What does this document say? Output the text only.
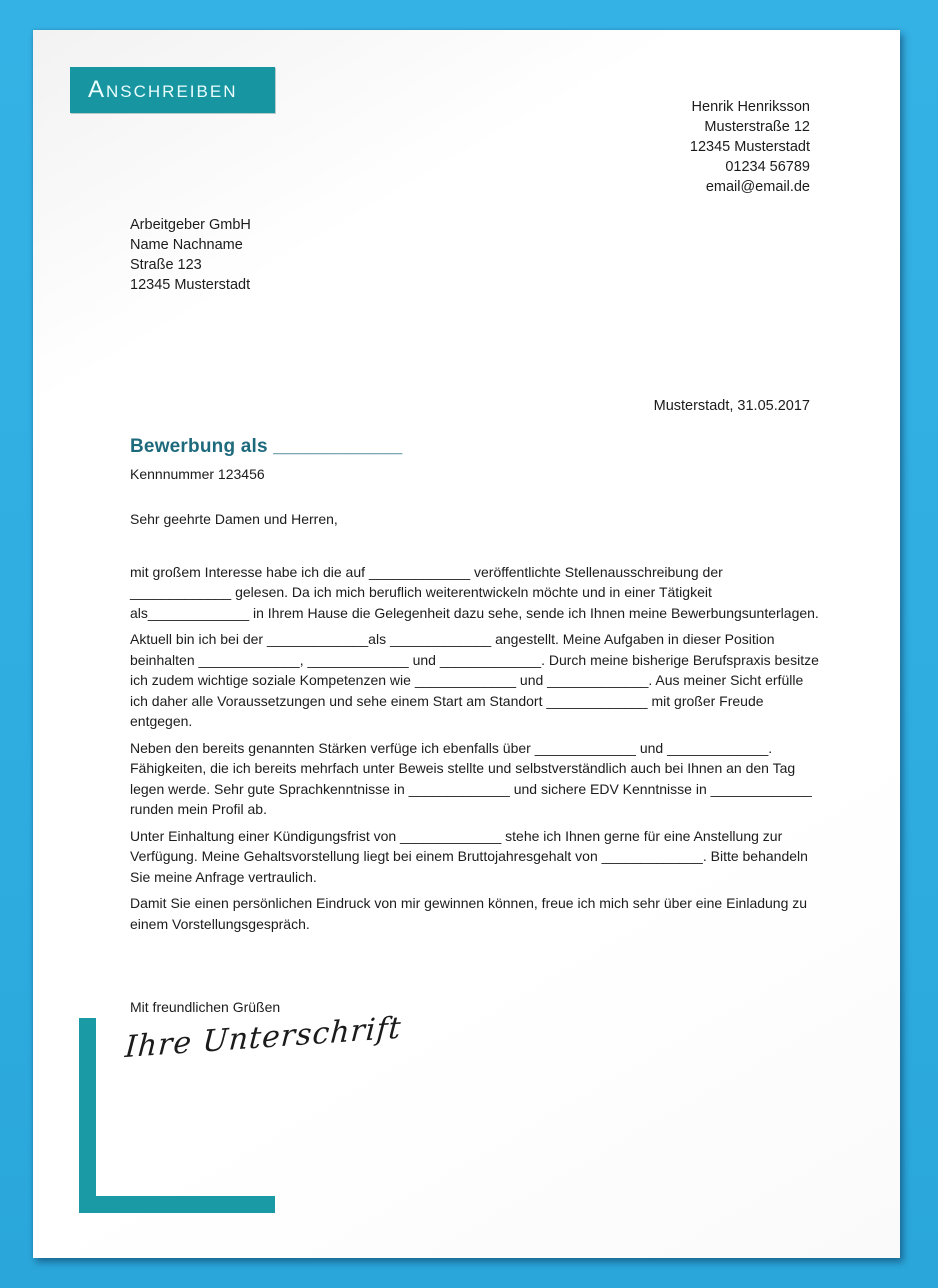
Anschreiben
Henrik Henriksson
Musterstraße 12
12345 Musterstadt
01234 56789
email@email.de
Arbeitgeber GmbH
Name Nachname
Straße 123
12345 Musterstadt
Musterstadt, 31.05.2017
Bewerbung als ____________
Kennnummer 123456

Sehr geehrte Damen und Herren,

mit großem Interesse habe ich die auf _____________ veröffentlichte Stellenausschreibung der _____________ gelesen. Da ich mich beruflich weiterentwickeln möchte und in einer Tätigkeit als_____________ in Ihrem Hause die Gelegenheit dazu sehe, sende ich Ihnen meine Bewerbungsunterlagen.

Aktuell bin ich bei der _____________als _____________ angestellt. Meine Aufgaben in dieser Position beinhalten _____________, _____________ und _____________. Durch meine bisherige Berufspraxis besitze ich zudem wichtige soziale Kompetenzen wie _____________ und _____________. Aus meiner Sicht erfülle ich daher alle Voraussetzungen und sehe einem Start am Standort _____________ mit großer Freude entgegen.

Neben den bereits genannten Stärken verfüge ich ebenfalls über _____________ und _____________. Fähigkeiten, die ich bereits mehrfach unter Beweis stellte und selbstverständlich auch bei Ihnen an den Tag legen werde. Sehr gute Sprachkenntnisse in _____________ und sichere EDV Kenntnisse in _____________ runden mein Profil ab.

Unter Einhaltung einer Kündigungsfrist von _____________ stehe ich Ihnen gerne für eine Anstellung zur Verfügung. Meine Gehaltsvorstellung liegt bei einem Bruttojahresgehalt von _____________. Bitte behandeln Sie meine Anfrage vertraulich.

Damit Sie einen persönlichen Eindruck von mir gewinnen können, freue ich mich sehr über eine Einladung zu einem Vorstellungsgespräch.

Mit freundlichen Grüßen
Ihre Unterschrift
